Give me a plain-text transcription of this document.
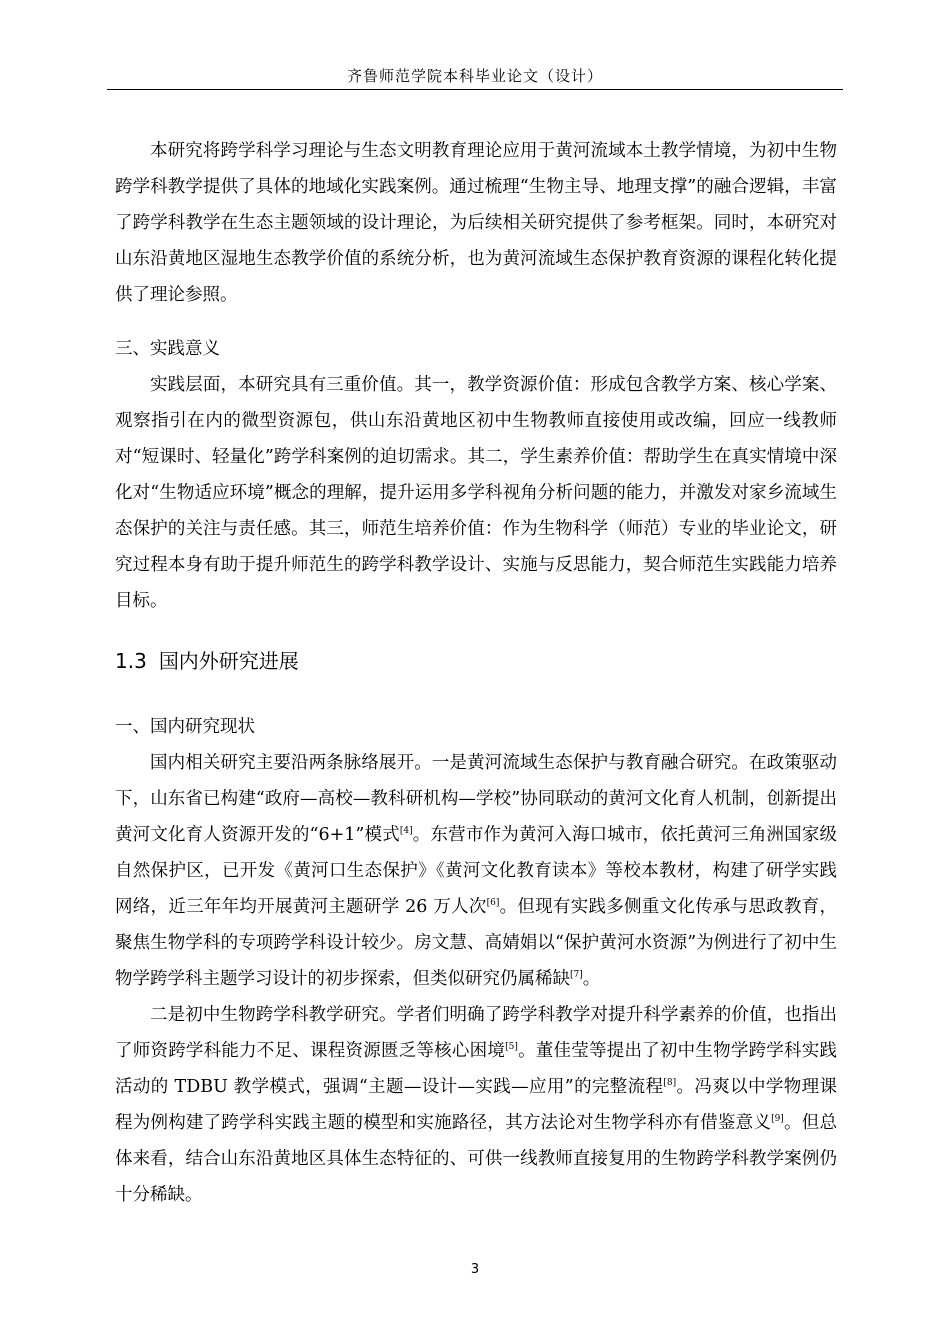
齐鲁师范学院本科毕业论文（设计）

本研究将跨学科学习理论与生态文明教育理论应用于黄河流域本土教学情境，为初中生物跨学科教学提供了具体的地域化实践案例。通过梳理“生物主导、地理支撑”的融合逻辑，丰富了跨学科教学在生态主题领域的设计理论，为后续相关研究提供了参考框架。同时，本研究对山东沿黄地区湿地生态教学价值的系统分析，也为黄河流域生态保护教育资源的课程化转化提供了理论参照。

三、实践意义

实践层面，本研究具有三重价值。其一，教学资源价值：形成包含教学方案、核心学案、观察指引在内的微型资源包，供山东沿黄地区初中生物教师直接使用或改编，回应一线教师对“短课时、轻量化”跨学科案例的迫切需求。其二，学生素养价值：帮助学生在真实情境中深化对“生物适应环境”概念的理解，提升运用多学科视角分析问题的能力，并激发对家乡流域生态保护的关注与责任感。其三，师范生培养价值：作为生物科学（师范）专业的毕业论文，研究过程本身有助于提升师范生的跨学科教学设计、实施与反思能力，契合师范生实践能力培养目标。

1.3 国内外研究进展

一、国内研究现状

国内相关研究主要沿两条脉络展开。一是黄河流域生态保护与教育融合研究。在政策驱动下，山东省已构建“政府—高校—教科研机构—学校”协同联动的黄河文化育人机制，创新提出黄河文化育人资源开发的“6+1”模式[4]。东营市作为黄河入海口城市，依托黄河三角洲国家级自然保护区，已开发《黄河口生态保护》《黄河文化教育读本》等校本教材，构建了研学实践网络，近三年年均开展黄河主题研学 26 万人次[6]。但现有实践多侧重文化传承与思政教育，聚焦生物学科的专项跨学科设计较少。房文慧、高婧娟以“保护黄河水资源”为例进行了初中生物学跨学科主题学习设计的初步探索，但类似研究仍属稀缺[7]。

二是初中生物跨学科教学研究。学者们明确了跨学科教学对提升科学素养的价值，也指出了师资跨学科能力不足、课程资源匮乏等核心困境[5]。董佳莹等提出了初中生物学跨学科实践活动的 TDBU 教学模式，强调“主题—设计—实践—应用”的完整流程[8]。冯爽以中学物理课程为例构建了跨学科实践主题的模型和实施路径，其方法论对生物学科亦有借鉴意义[9]。但总体来看，结合山东沿黄地区具体生态特征的、可供一线教师直接复用的生物跨学科教学案例仍十分稀缺。

3
